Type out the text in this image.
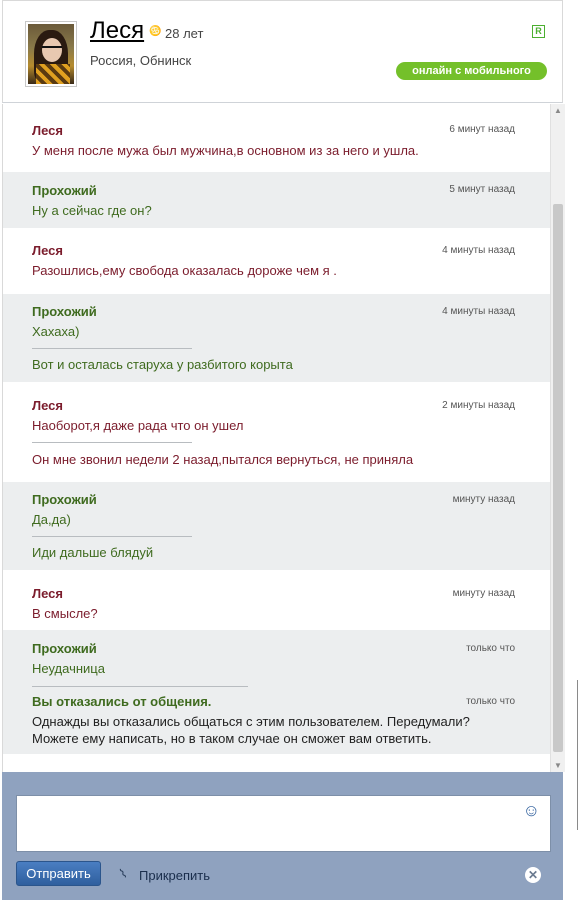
Леся ♋ 28 лет
Россия, Обнинск
R
онлайн с мобильного
Леся	6 минут назад
У меня после мужа был мужчина,в основном из за него и ушла.
Прохожий	5 минут назад
Ну а сейчас где он?
Леся	4 минуты назад
Разошлись,ему свобода оказалась дороже чем я .
Прохожий	4 минуты назад
Хахаха)
Вот и осталась старуха у разбитого корыта
Леся	2 минуты назад
Наоборот,я даже рада что он ушел
Он мне звонил недели 2 назад,пытался вернуться, не приняла
Прохожий	минуту назад
Да,да)
Иди дальше блядуй
Леся	минуту назад
В смысле?
Прохожий	только что
Неудачница
Вы отказались от общения.	только что
Однажды вы отказались общаться с этим пользователем. Передумали?
Можете ему написать, но в таком случае он сможет вам ответить.
▲
▼
☺
Отправить	⌇ Прикрепить	✕
